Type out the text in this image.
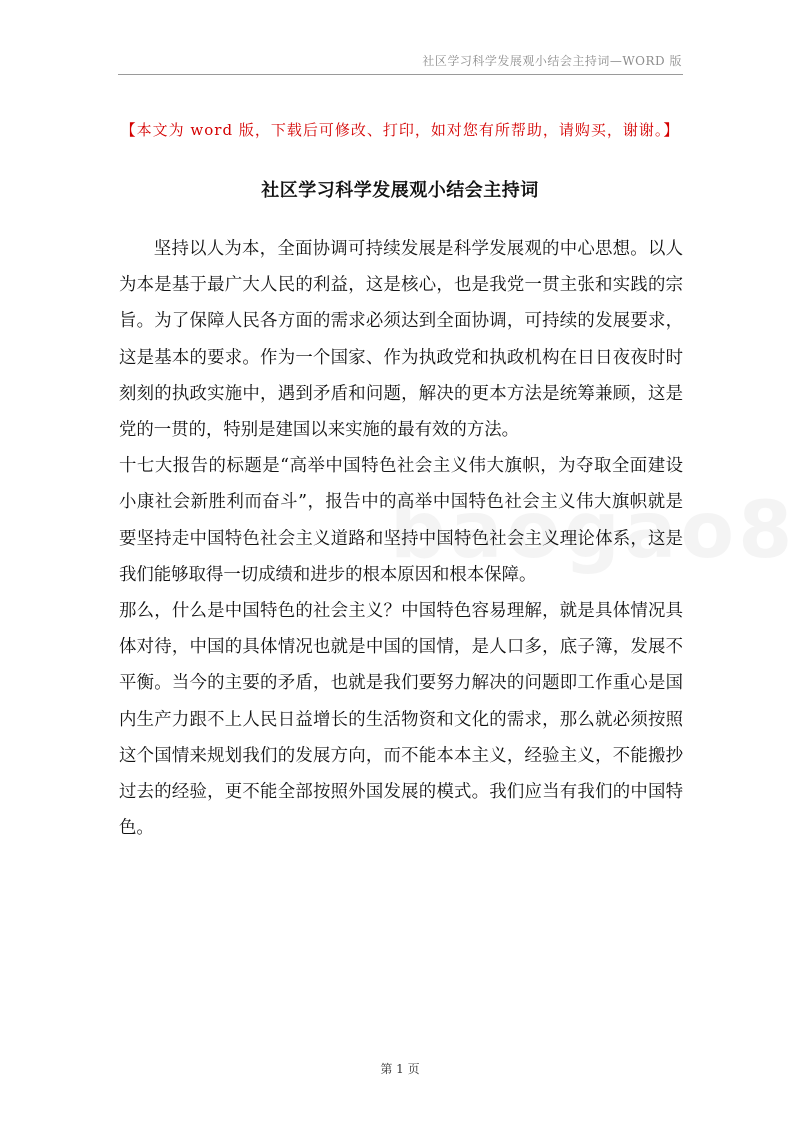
社区学习科学发展观小结会主持词—WORD 版
【本文为 word 版，下载后可修改、打印，如对您有所帮助，请购买，谢谢。】
社区学习科学发展观小结会主持词

坚持以人为本，全面协调可持续发展是科学发展观的中心思想。以人为本是基于最广大人民的利益，这是核心，也是我党一贯主张和实践的宗旨。为了保障人民各方面的需求必须达到全面协调，可持续的发展要求，这是基本的要求。作为一个国家、作为执政党和执政机构在日日夜夜时时刻刻的执政实施中，遇到矛盾和问题，解决的更本方法是统筹兼顾，这是党的一贯的，特别是建国以来实施的最有效的方法。

十七大报告的标题是“高举中国特色社会主义伟大旗帜，为夺取全面建设小康社会新胜利而奋斗”，报告中的高举中国特色社会主义伟大旗帜就是要坚持走中国特色社会主义道路和坚持中国特色社会主义理论体系，这是我们能够取得一切成绩和进步的根本原因和根本保障。

那么，什么是中国特色的社会主义？中国特色容易理解，就是具体情况具体对待，中国的具体情况也就是中国的国情，是人口多，底子簿，发展不平衡。当今的主要的矛盾，也就是我们要努力解决的问题即工作重心是国内生产力跟不上人民日益增长的生活物资和文化的需求，那么就必须按照这个国情来规划我们的发展方向，而不能本本主义，经验主义，不能搬抄过去的经验，更不能全部按照外国发展的模式。我们应当有我们的中国特色。

第 1 页
